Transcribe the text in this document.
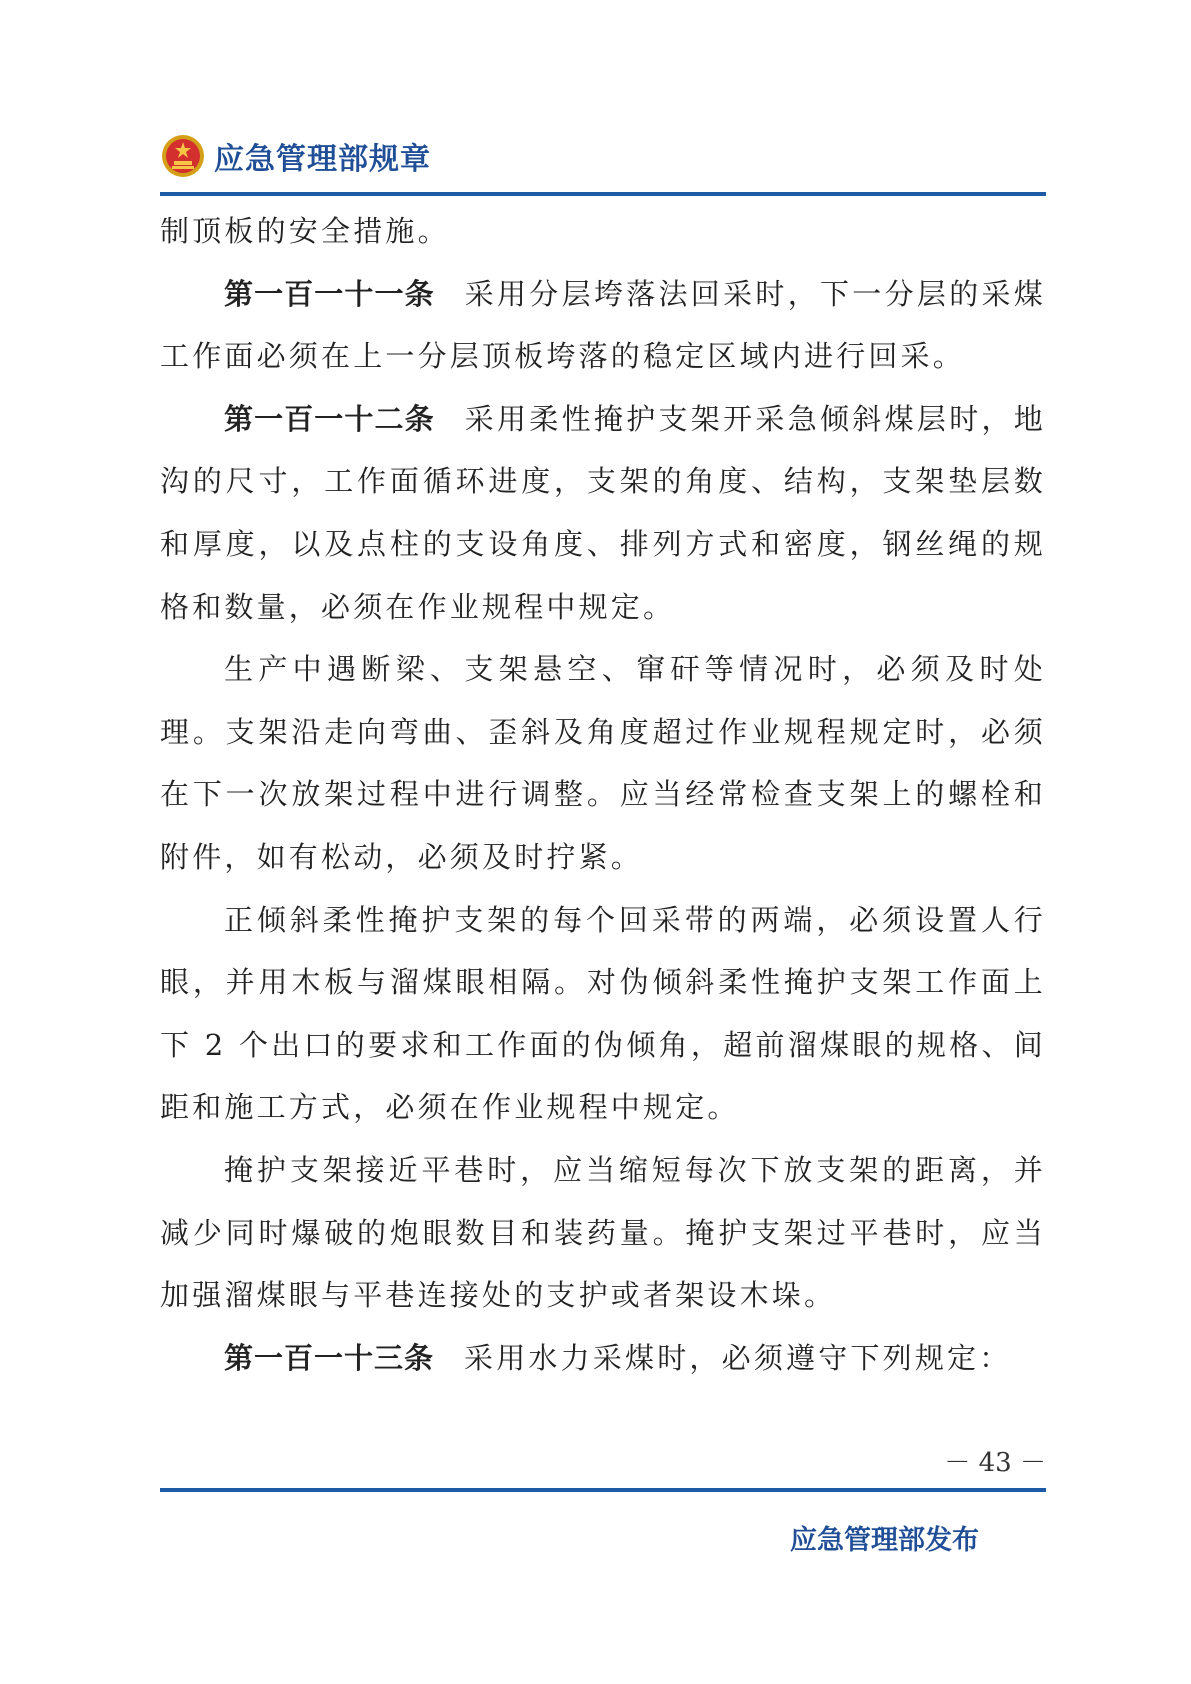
应急管理部规章

制顶板的安全措施。

第一百一十一条 采用分层垮落法回采时，下一分层的采煤工作面必须在上一分层顶板垮落的稳定区域内进行回采。

第一百一十二条 采用柔性掩护支架开采急倾斜煤层时，地沟的尺寸，工作面循环进度，支架的角度、结构，支架垫层数和厚度，以及点柱的支设角度、排列方式和密度，钢丝绳的规格和数量，必须在作业规程中规定。

生产中遇断梁、支架悬空、窜矸等情况时，必须及时处理。支架沿走向弯曲、歪斜及角度超过作业规程规定时，必须在下一次放架过程中进行调整。应当经常检查支架上的螺栓和附件，如有松动，必须及时拧紧。

正倾斜柔性掩护支架的每个回采带的两端，必须设置人行眼，并用木板与溜煤眼相隔。对伪倾斜柔性掩护支架工作面上下 2 个出口的要求和工作面的伪倾角，超前溜煤眼的规格、间距和施工方式，必须在作业规程中规定。

掩护支架接近平巷时，应当缩短每次下放支架的距离，并减少同时爆破的炮眼数目和装药量。掩护支架过平巷时，应当加强溜煤眼与平巷连接处的支护或者架设木垛。

第一百一十三条 采用水力采煤时，必须遵守下列规定：

－ 43 －
应急管理部发布
